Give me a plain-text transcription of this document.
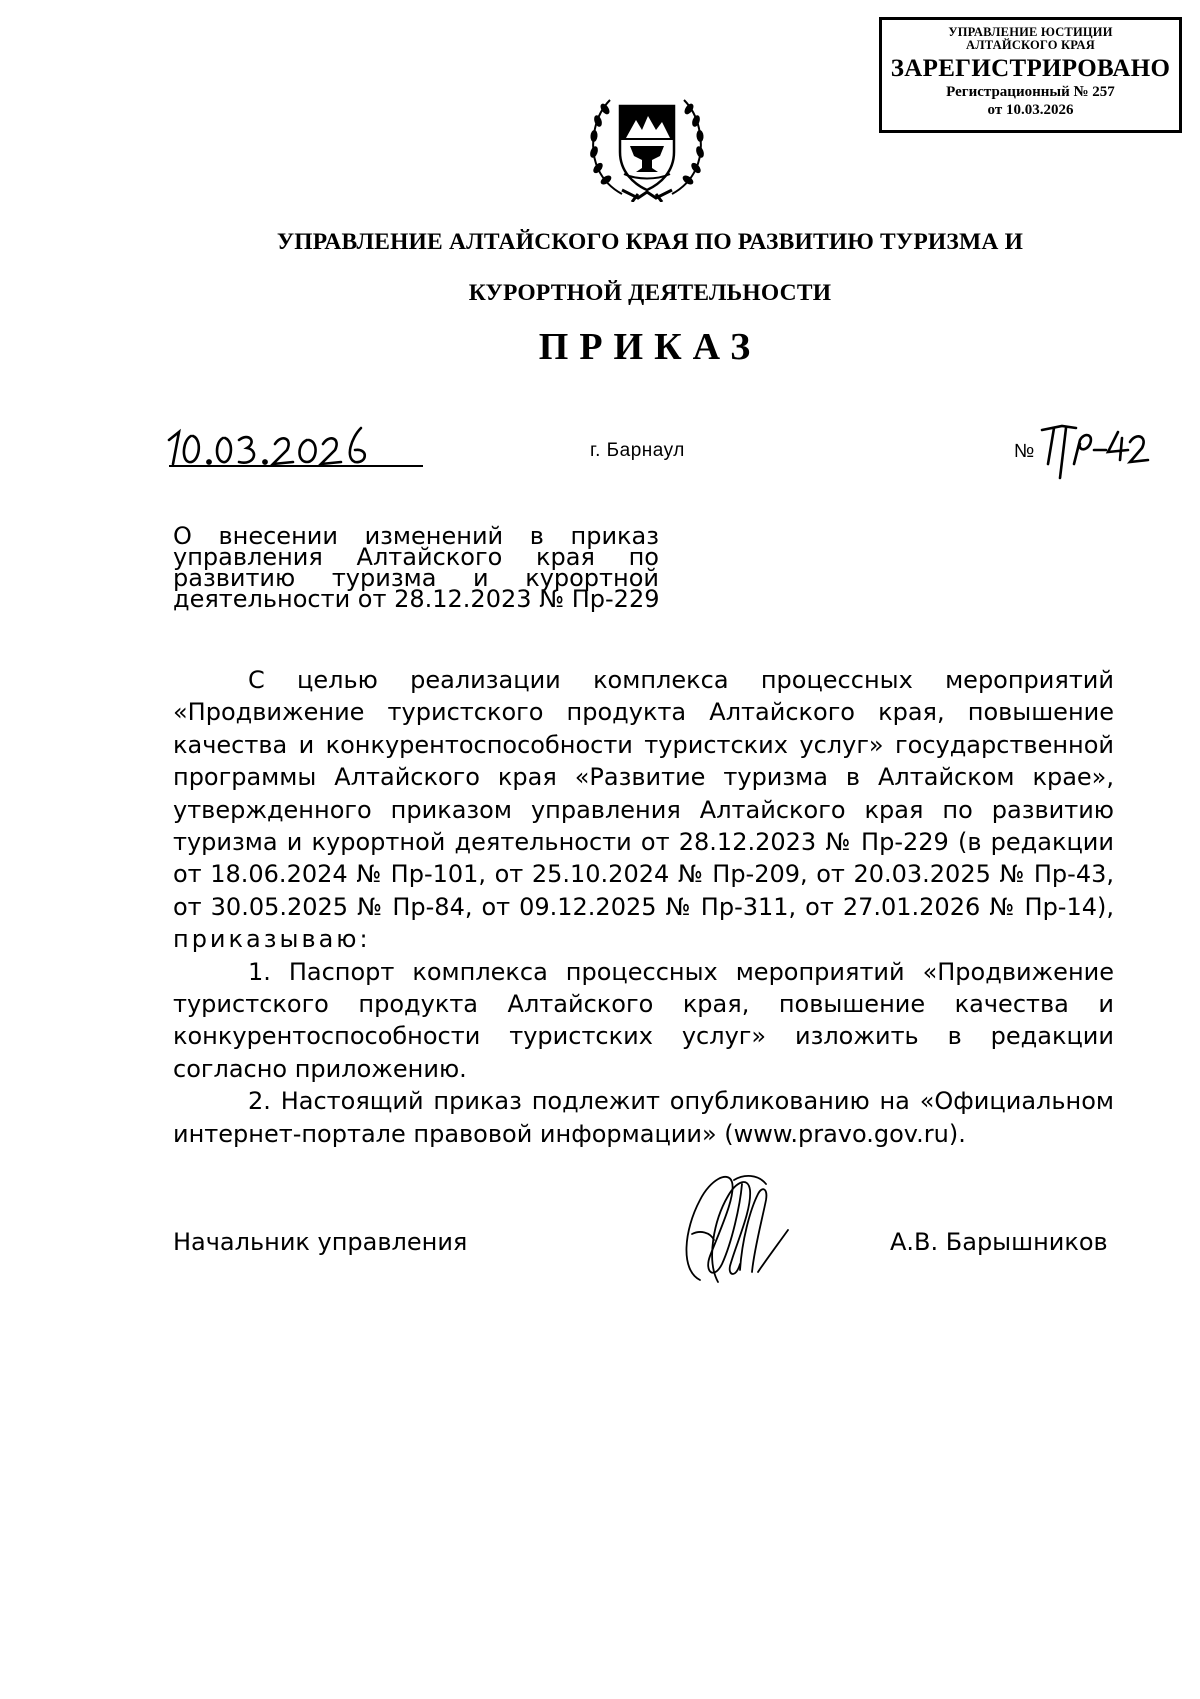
УПРАВЛЕНИЕ ЮСТИЦИИ
АЛТАЙСКОГО КРАЯ
ЗАРЕГИСТРИРОВАНО
Регистрационный № 257
от 10.03.2026
УПРАВЛЕНИЕ АЛТАЙСКОГО КРАЯ ПО РАЗВИТИЮ ТУРИЗМА И
КУРОРТНОЙ ДЕЯТЕЛЬНОСТИ
ПРИКАЗ
г. Барнаул	№
О внесении изменений в приказ
управления Алтайского края по
развитию туризма и курортной
деятельности от 28.12.2023 № Пр-229

С целью реализации комплекса процессных мероприятий «Продвижение туристского продукта Алтайского края, повышение качества и конкурентоспособности туристских услуг» государственной программы Алтайского края «Развитие туризма в Алтайском крае», утвержденного приказом управления Алтайского края по развитию туризма и курортной деятельности от 28.12.2023 № Пр-229 (в редакции от 18.06.2024 № Пр-101, от 25.10.2024 № Пр-209, от 20.03.2025 № Пр-43, от 30.05.2025 № Пр-84, от 09.12.2025 № Пр-311, от 27.01.2026 № Пр-14), приказываю:

1. Паспорт комплекса процессных мероприятий «Продвижение туристского продукта Алтайского края, повышение качества и конкурентоспособности туристских услуг» изложить в редакции согласно приложению.

2. Настоящий приказ подлежит опубликованию на «Официальном интернет-портале правовой информации» (www.pravo.gov.ru).

Начальник управления	А.В. Барышников
